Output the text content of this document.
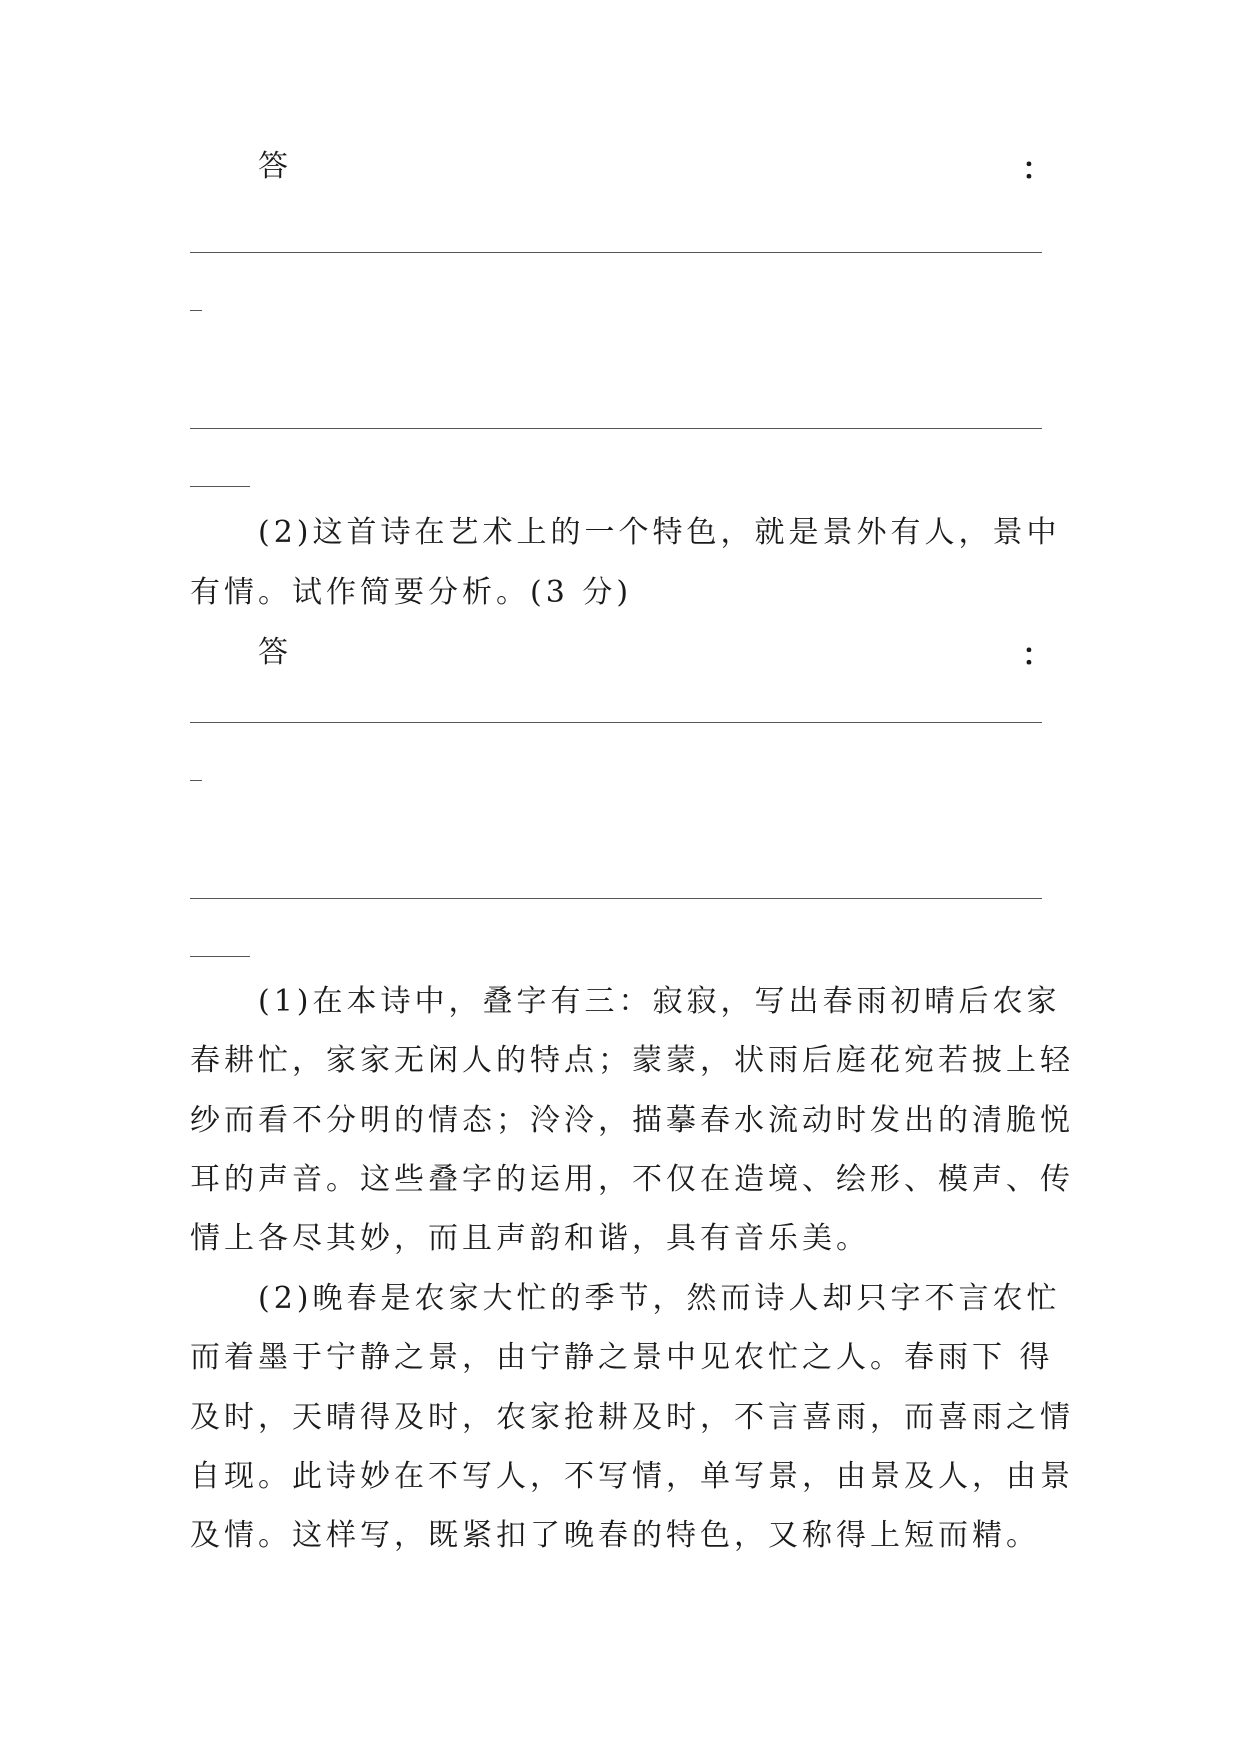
答	：
(2)这首诗在艺术上的一个特色，就是景外有人，景中
有情。试作简要分析。(3 分)
答	：
(1)在本诗中，叠字有三：寂寂，写出春雨初晴后农家
春耕忙，家家无闲人的特点；蒙蒙，状雨后庭花宛若披上轻
纱而看不分明的情态；泠泠，描摹春水流动时发出的清脆悦
耳的声音。这些叠字的运用，不仅在造境、绘形、模声、传
情上各尽其妙，而且声韵和谐，具有音乐美。
(2)晚春是农家大忙的季节，然而诗人却只字不言农忙
而着墨于宁静之景，由宁静之景中见农忙之人。春雨下 得
及时，天晴得及时，农家抢耕及时，不言喜雨，而喜雨之情
自现。此诗妙在不写人，不写情，单写景，由景及人，由景
及情。这样写，既紧扣了晚春的特色，又称得上短而精。
